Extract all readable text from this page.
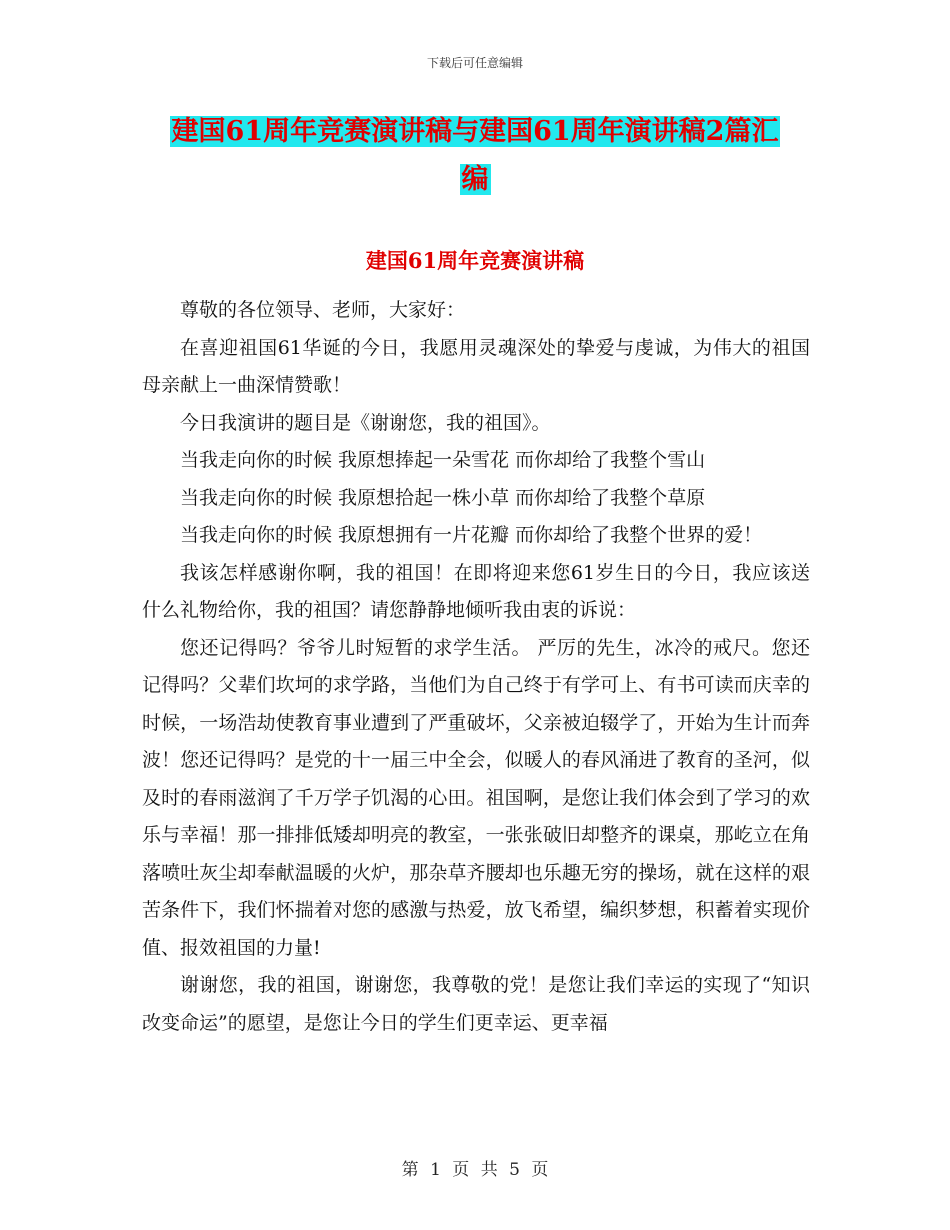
下载后可任意编辑
建国61周年竞赛演讲稿与建国61周年演讲稿2篇汇
编
建国61周年竞赛演讲稿

尊敬的各位领导、老师，大家好：

在喜迎祖国61华诞的今日，我愿用灵魂深处的挚爱与虔诚，为伟大的祖国母亲献上一曲深情赞歌！

今日我演讲的题目是《谢谢您，我的祖国》。

当我走向你的时候 我原想捧起一朵雪花 而你却给了我整个雪山

当我走向你的时候 我原想拾起一株小草 而你却给了我整个草原

当我走向你的时候 我原想拥有一片花瓣 而你却给了我整个世界的爱！

我该怎样感谢你啊，我的祖国！在即将迎来您61岁生日的今日，我应该送什么礼物给你，我的祖国？请您静静地倾听我由衷的诉说：

您还记得吗？爷爷儿时短暂的求学生活。 严厉的先生，冰冷的戒尺。您还记得吗？父辈们坎坷的求学路，当他们为自己终于有学可上、有书可读而庆幸的时候，一场浩劫使教育事业遭到了严重破坏，父亲被迫辍学了，开始为生计而奔波！您还记得吗？是党的十一届三中全会，似暖人的春风涌进了教育的圣河，似及时的春雨滋润了千万学子饥渴的心田。祖国啊，是您让我们体会到了学习的欢乐与幸福！那一排排低矮却明亮的教室，一张张破旧却整齐的课桌，那屹立在角落喷吐灰尘却奉献温暖的火炉，那杂草齐腰却也乐趣无穷的操场，就在这样的艰苦条件下，我们怀揣着对您的感激与热爱，放飞希望，编织梦想，积蓄着实现价值、报效祖国的力量!

谢谢您，我的祖国，谢谢您，我尊敬的党！是您让我们幸运的实现了“知识改变命运”的愿望，是您让今日的学生们更幸运、更幸福

第 1 页 共 5 页
